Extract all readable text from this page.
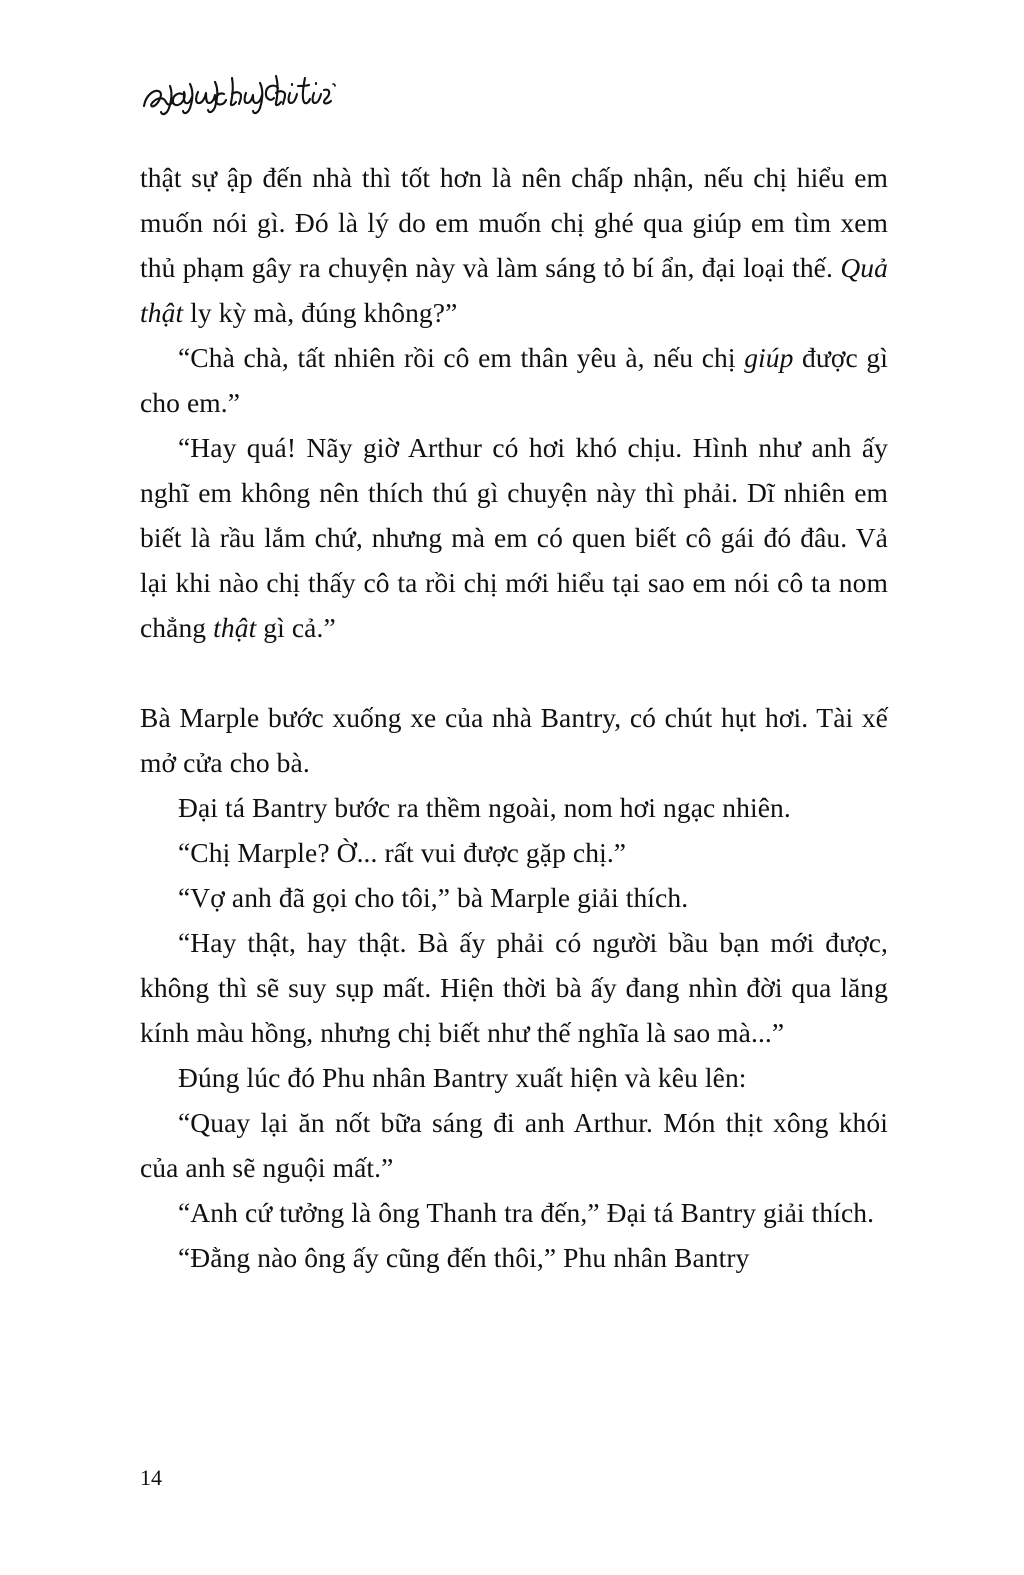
thật sự ập đến nhà thì tốt hơn là nên chấp nhận, nếu chị hiểu em muốn nói gì. Đó là lý do em muốn chị ghé qua giúp em tìm xem thủ phạm gây ra chuyện này và làm sáng tỏ bí ẩn, đại loại thế. Quả thật ly kỳ mà, đúng không?”

“Chà chà, tất nhiên rồi cô em thân yêu à, nếu chị giúp được gì cho em.”

“Hay quá! Nãy giờ Arthur có hơi khó chịu. Hình như anh ấy nghĩ em không nên thích thú gì chuyện này thì phải. Dĩ nhiên em biết là rầu lắm chứ, nhưng mà em có quen biết cô gái đó đâu. Vả lại khi nào chị thấy cô ta rồi chị mới hiểu tại sao em nói cô ta nom chẳng thật gì cả.”

Bà Marple bước xuống xe của nhà Bantry, có chút hụt hơi. Tài xế mở cửa cho bà.

Đại tá Bantry bước ra thềm ngoài, nom hơi ngạc nhiên.

“Chị Marple? Ờ... rất vui được gặp chị.”

“Vợ anh đã gọi cho tôi,” bà Marple giải thích.

“Hay thật, hay thật. Bà ấy phải có người bầu bạn mới được, không thì sẽ suy sụp mất. Hiện thời bà ấy đang nhìn đời qua lăng kính màu hồng, nhưng chị biết như thế nghĩa là sao mà...”

Đúng lúc đó Phu nhân Bantry xuất hiện và kêu lên:

“Quay lại ăn nốt bữa sáng đi anh Arthur. Món thịt xông khói của anh sẽ nguội mất.”

“Anh cứ tưởng là ông Thanh tra đến,” Đại tá Bantry giải thích.

“Đằng nào ông ấy cũng đến thôi,” Phu nhân Bantry

14
